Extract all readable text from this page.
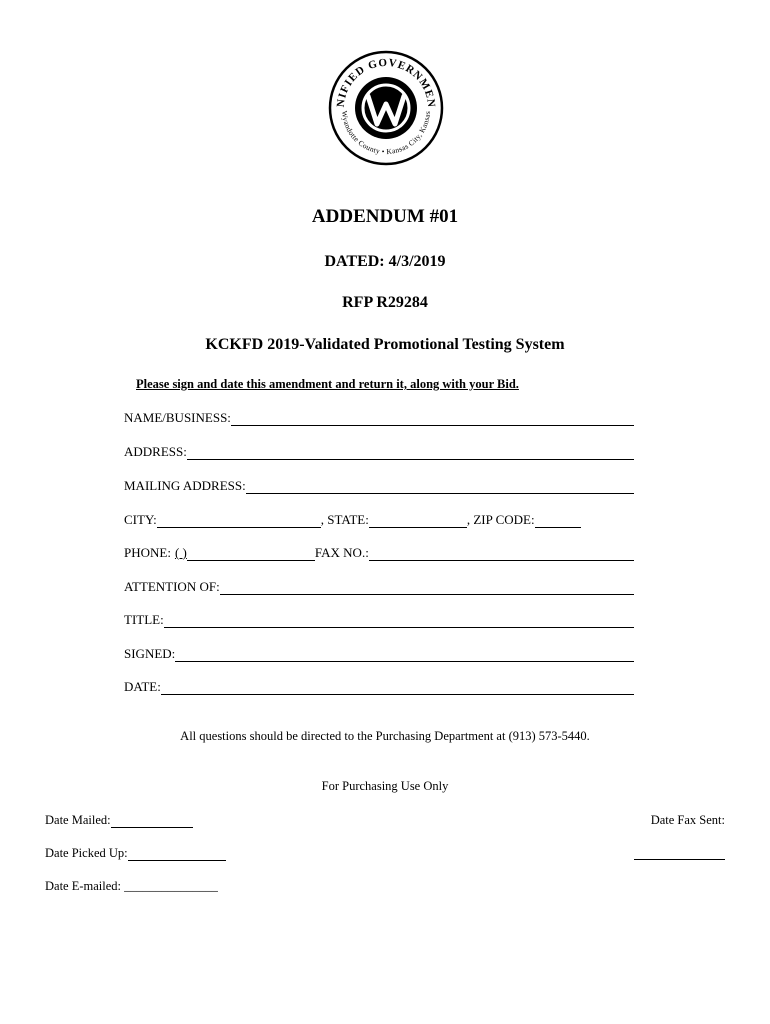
NIFIED GOVERNMEN
Wyandotte County • Kansas City, Kansas
ADDENDUM #01
DATED: 4/3/2019
RFP R29284
KCKFD 2019-Validated Promotional Testing System
Please sign and date this amendment and return it, along with your Bid.
NAME/BUSINESS:
ADDRESS:
MAILING ADDRESS:
CITY:	, STATE:	, ZIP CODE:
PHONE: ( )	FAX NO.:
ATTENTION OF:
TITLE:
SIGNED:
DATE:
All questions should be directed to the Purchasing Department at (913) 573-5440.
For Purchasing Use Only
Date Mailed:	Date Fax Sent:
Date Picked Up:
Date E-mailed: _______________
